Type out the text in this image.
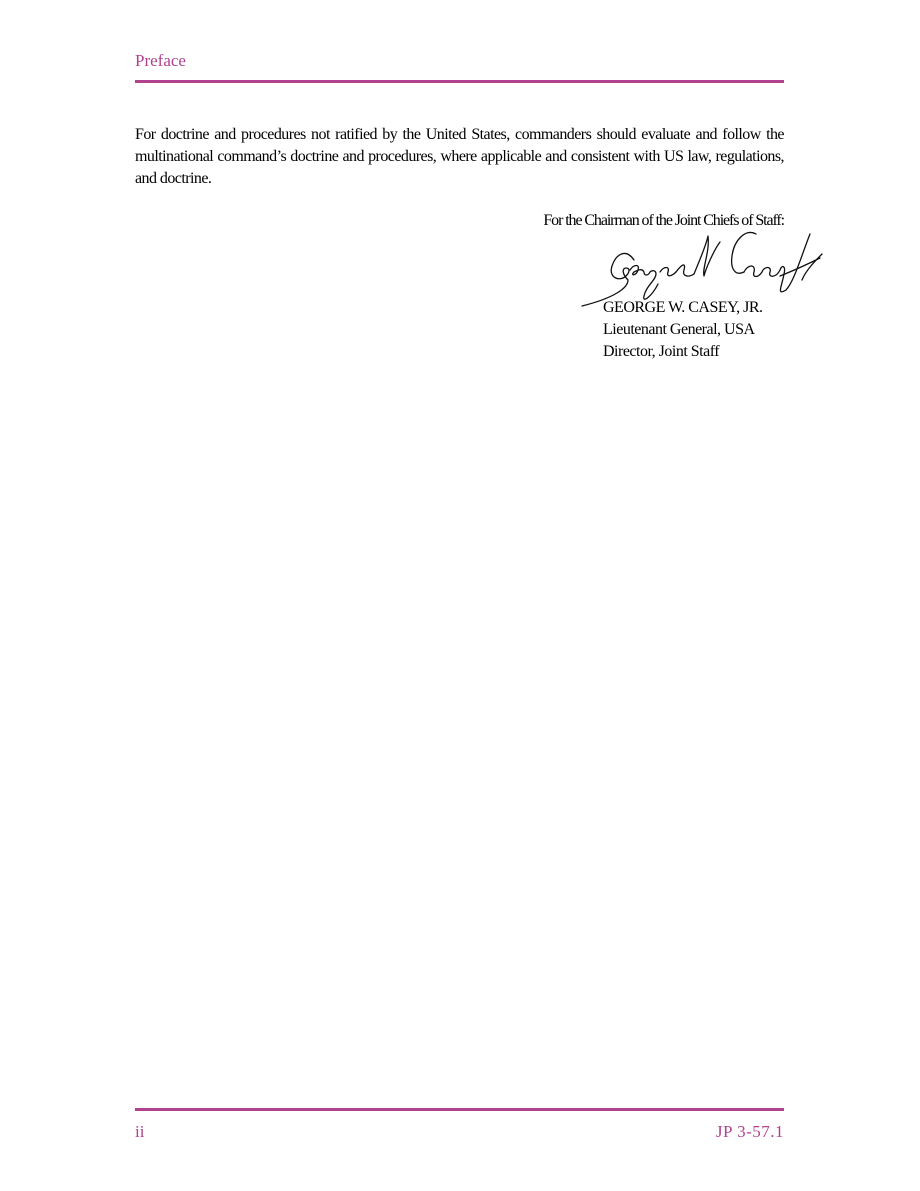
Preface

For doctrine and procedures not ratified by the United States, commanders should evaluate and follow the multinational command’s doctrine and procedures, where applicable and consistent with US law, regulations, and doctrine.

For the Chairman of the Joint Chiefs of Staff:
GEORGE W. CASEY, JR.
Lieutenant General, USA
Director, Joint Staff
ii	JP 3-57.1
